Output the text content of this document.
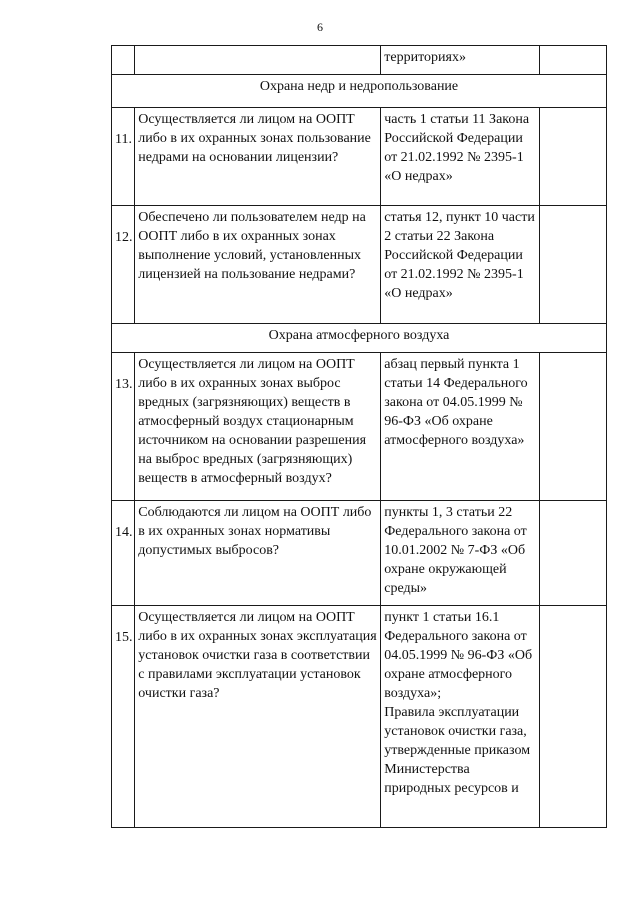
6
		территориях»	
Охрана недр и недропользование			

11.	Осуществляется ли лицом на ООПТ либо в их охранных зонах пользование недрами на основании лицензии?	часть 1 статьи 11 Закона Российской Федерации от 21.02.1992 № 2395-1 «О недрах»	

12.	Обеспечено ли пользователем недр на ООПТ либо в их охранных зонах выполнение условий, установленных лицензией на пользование недрами?	статья 12, пункт 10 части 2 статьи 22 Закона Российской Федерации от 21.02.1992 № 2395-1 «О недрах»	
Охрана атмосферного воздуха			

13.	Осуществляется ли лицом на ООПТ либо в их охранных зонах выброс вредных (загрязняющих) веществ в атмосферный воздух стационарным источником на основании разрешения на выброс вредных (загрязняющих) веществ в атмосферный воздух?	абзац первый пункта 1 статьи 14 Федерального закона от 04.05.1999 № 96-ФЗ «Об охране атмосферного воздуха»	

14.	Соблюдаются ли лицом на ООПТ либо в их охранных зонах нормативы допустимых выбросов?	пункты 1, 3 статьи 22 Федерального закона от 10.01.2002 № 7-ФЗ «Об охране окружающей среды»	

15.	Осуществляется ли лицом на ООПТ либо в их охранных зонах эксплуатация установок очистки газа в соответствии с правилами эксплуатации установок очистки газа?	пункт 1 статьи 16.1 Федерального закона от 04.05.1999 № 96-ФЗ «Об охране атмосферного воздуха»;
Правила эксплуатации установок очистки газа, утвержденные приказом Министерства природных ресурсов и	
